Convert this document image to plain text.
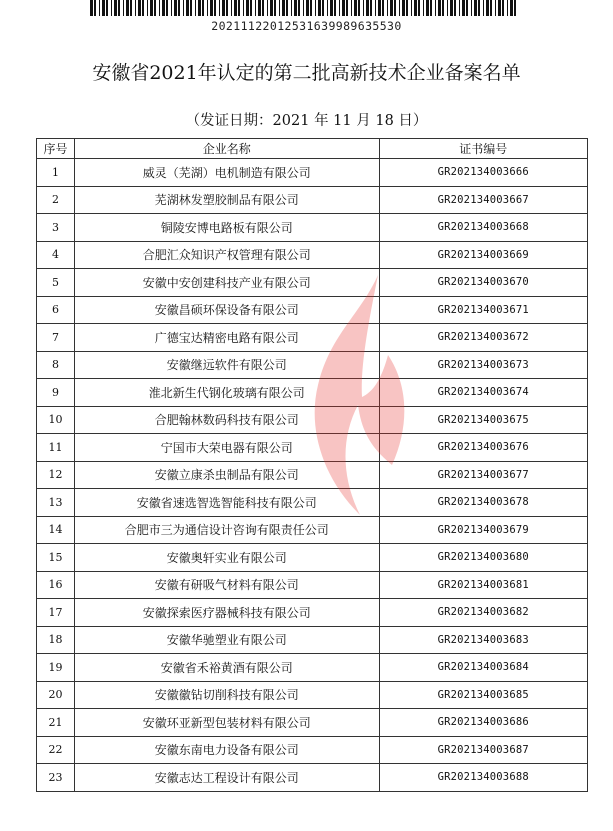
20211122012531639989635530
安徽省2021年认定的第二批高新技术企业备案名单
（发证日期：2021 年 11 月 18 日）
序号	企业名称	证书编号
1	威灵（芜湖）电机制造有限公司	GR202134003666
2	芜湖林发塑胶制品有限公司	GR202134003667
3	铜陵安博电路板有限公司	GR202134003668
4	合肥汇众知识产权管理有限公司	GR202134003669
5	安徽中安创建科技产业有限公司	GR202134003670
6	安徽昌硕环保设备有限公司	GR202134003671
7	广德宝达精密电路有限公司	GR202134003672
8	安徽继远软件有限公司	GR202134003673
9	淮北新生代钢化玻璃有限公司	GR202134003674
10	合肥翰林数码科技有限公司	GR202134003675
11	宁国市大荣电器有限公司	GR202134003676
12	安徽立康杀虫制品有限公司	GR202134003677
13	安徽省速选智选智能科技有限公司	GR202134003678
14	合肥市三为通信设计咨询有限责任公司	GR202134003679
15	安徽奥轩实业有限公司	GR202134003680
16	安徽有研吸气材料有限公司	GR202134003681
17	安徽探索医疗器械科技有限公司	GR202134003682
18	安徽华驰塑业有限公司	GR202134003683
19	安徽省禾裕黄酒有限公司	GR202134003684
20	安徽徽钻切削科技有限公司	GR202134003685
21	安徽环亚新型包装材料有限公司	GR202134003686
22	安徽东南电力设备有限公司	GR202134003687
23	安徽志达工程设计有限公司	GR202134003688
